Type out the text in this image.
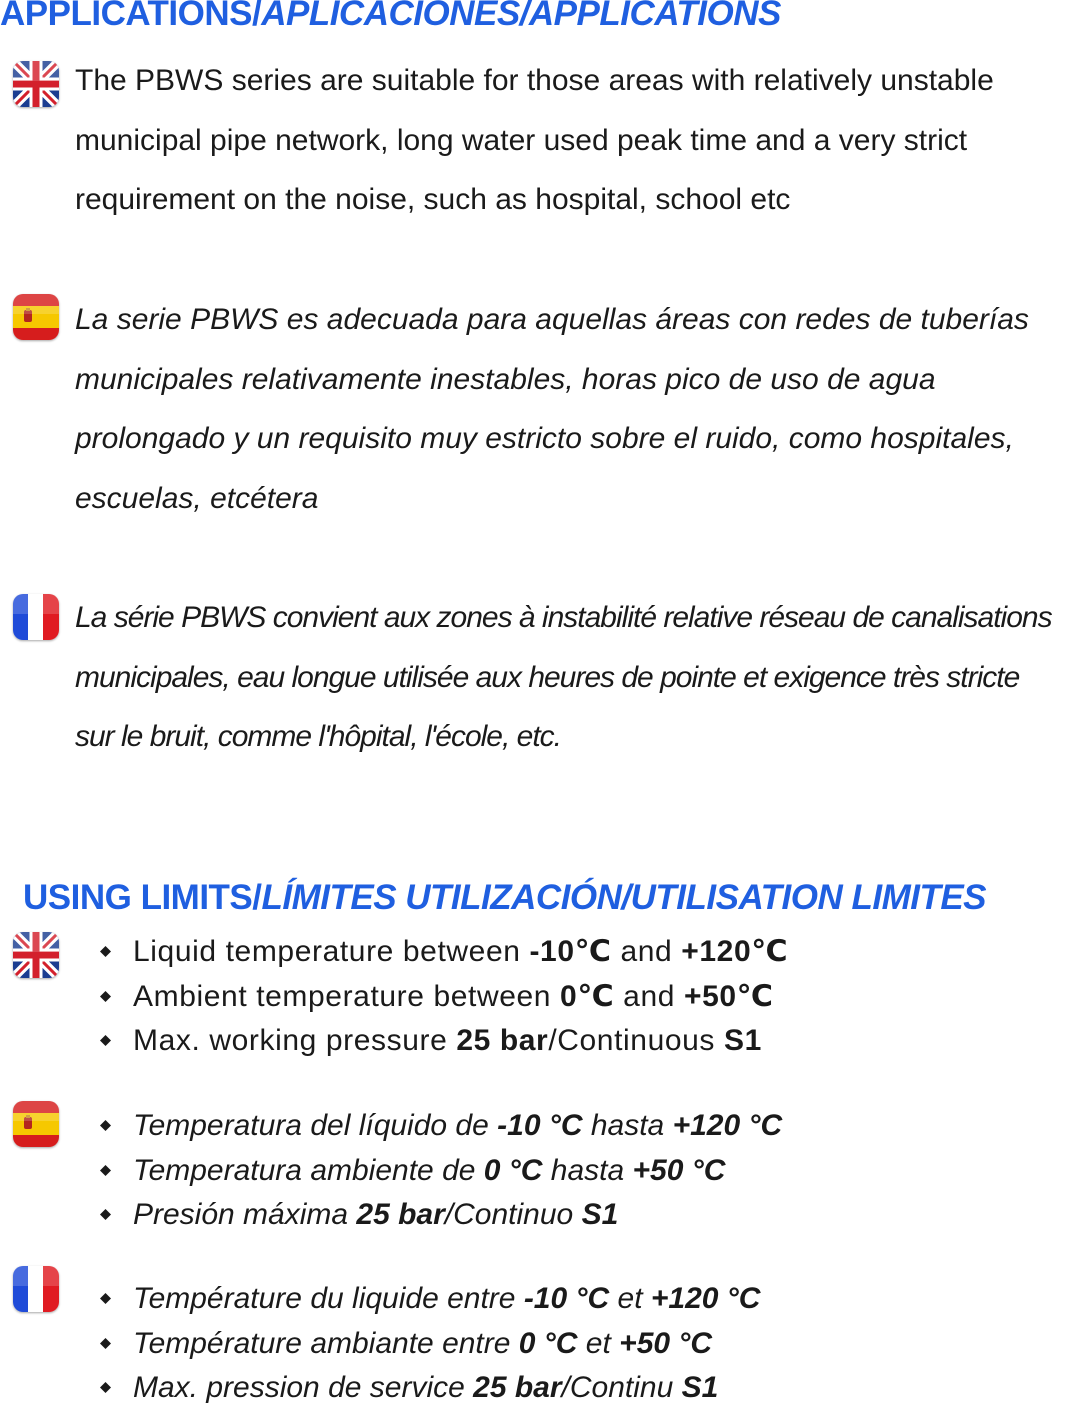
APPLICATIONS/APLICACIONES/APPLICATIONS
The PBWS series are suitable for those areas with relatively unstable municipal pipe network, long water used peak time and a very strict requirement on the noise, such as hospital, school etc
La serie PBWS es adecuada para aquellas áreas con redes de tuberías municipales relativamente inestables, horas pico de uso de agua prolongado y un requisito muy estricto sobre el ruido, como hospitales, escuelas, etcétera
La série PBWS convient aux zones à instabilité relative réseau de canalisations municipales, eau longue utilisée aux heures de pointe et exigence très stricte sur le bruit, comme l'hôpital, l'école, etc.
USING LIMITS/LÍMITES UTILIZACIÓN/UTILISATION LIMITES
Liquid temperature between -10℃ and +120℃
Ambient temperature between 0℃ and +50℃
Max. working pressure 25 bar/Continuous S1
Temperatura del líquido de -10 °C hasta +120 °C
Temperatura ambiente de 0 °C hasta +50 °C
Presión máxima 25 bar/Continuo S1
Température du liquide entre -10 °C et +120 °C
Température ambiante entre 0 °C et +50 °C
Max. pression de service 25 bar/Continu S1
